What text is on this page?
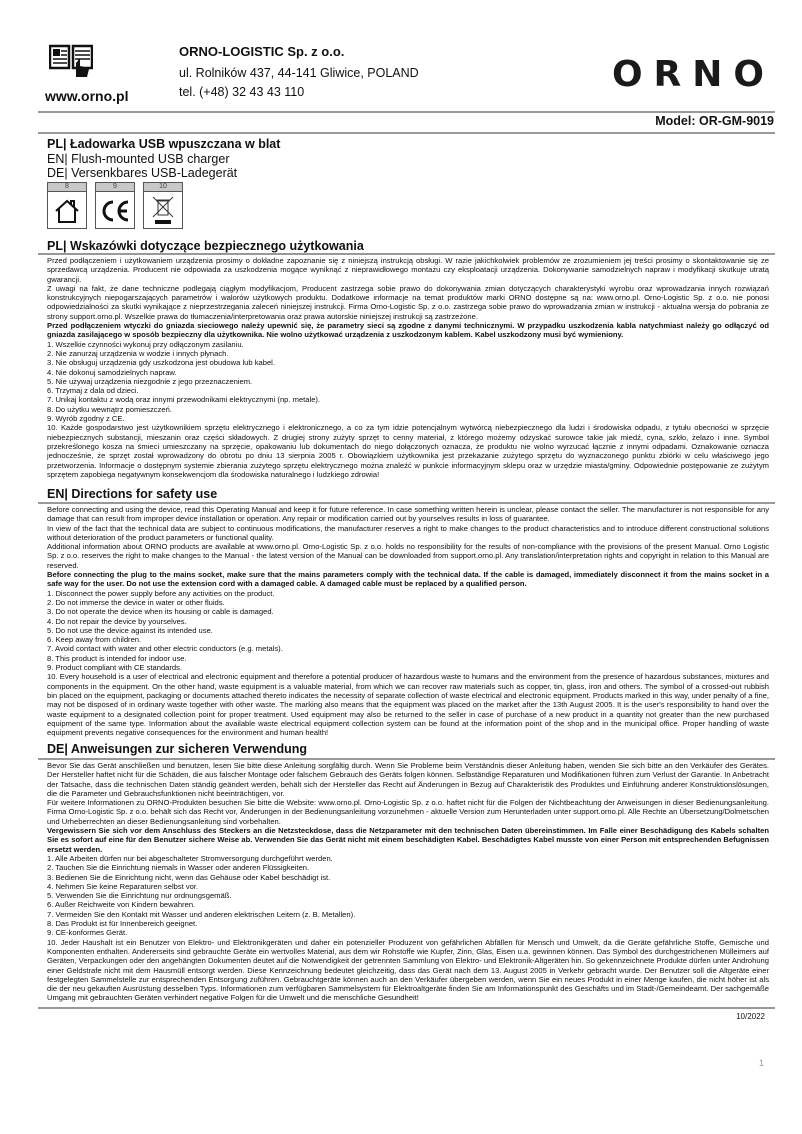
www.orno.pl
ORNO-LOGISTIC Sp. z o.o.
ul. Rolników 437, 44-141 Gliwice, POLAND
tel. (+48) 32 43 43 110	ORNO
Model: OR-GM-9019
PL| Ładowarka USB wpuszczana w blat
EN| Flush-mounted USB charger
DE| Versenkbares USB-Ladegerät
8	9	10
PL| Wskazówki dotyczące bezpiecznego użytkowania

Przed podłączeniem i użytkowaniem urządzenia prosimy o dokładne zapoznanie się z niniejszą instrukcją obsługi. W razie jakichkolwiek problemów ze zrozumieniem jej treści prosimy o skontaktowanie się ze sprzedawcą urządzenia. Producent nie odpowiada za uszkodzenia mogące wyniknąć z nieprawidłowego montażu czy eksploatacji urządzenia. Dokonywanie samodzielnych napraw i modyfikacji skutkuje utratą gwarancji.

Z uwagi na fakt, że dane techniczne podlegają ciągłym modyfikacjom, Producent zastrzega sobie prawo do dokonywania zmian dotyczących charakterystyki wyrobu oraz wprowadzania innych rozwiązań konstrukcyjnych niepogarszających parametrów i walorów użytkowych produktu. Dodatkowe informacje na temat produktów marki ORNO dostępne są na: www.orno.pl. Orno-Logistic Sp. z o.o. nie ponosi odpowiedzialności za skutki wynikające z nieprzestrzegania zaleceń niniejszej instrukcji. Firma Orno-Logistic Sp. z o.o. zastrzega sobie prawo do wprowadzania zmian w instrukcji - aktualna wersja do pobrania ze strony support.orno.pl. Wszelkie prawa do tłumaczenia/interpretowania oraz prawa autorskie niniejszej instrukcji są zastrzeżone.

Przed podłączeniem wtyczki do gniazda sieciowego należy upewnić się, że parametry sieci są zgodne z danymi technicznymi. W przypadku uszkodzenia kabla natychmiast należy go odłączyć od gniazda zasilającego w sposób bezpieczny dla użytkownika. Nie wolno użytkować urządzenia z uszkodzonym kablem. Kabel uszkodzony musi być wymieniony.

1. Wszelkie czynności wykonuj przy odłączonym zasilaniu.

2. Nie zanurzaj urządzenia w wodzie i innych płynach.

3. Nie obsługuj urządzenia gdy uszkodzona jest obudowa lub kabel.

4. Nie dokonuj samodzielnych napraw.

5. Nie używaj urządzenia niezgodnie z jego przeznaczeniem.

6. Trzymaj z dala od dzieci.

7. Unikaj kontaktu z wodą oraz innymi przewodnikami elektrycznymi (np. metale).

8. Do użytku wewnątrz pomieszczeń.

9. Wyrób zgodny z CE.

10. Każde gospodarstwo jest użytkownikiem sprzętu elektrycznego i elektronicznego, a co za tym idzie potencjalnym wytwórcą niebezpiecznego dla ludzi i środowiska odpadu, z tytułu obecności w sprzęcie niebezpiecznych substancji, mieszanin oraz części składowych. Z drugiej strony zużyty sprzęt to cenny materiał, z którego możemy odzyskać surowce takie jak miedź, cyna, szkło, żelazo i inne. Symbol przekreślonego kosza na śmieci umieszczany na sprzęcie, opakowaniu lub dokumentach do niego dołączonych oznacza, że produktu nie wolno wyrzucać łącznie z innymi odpadami. Oznakowanie oznacza jednocześnie, że sprzęt został wprowadzony do obrotu po dniu 13 sierpnia 2005 r. Obowiązkiem użytkownika jest przekazanie zużytego sprzętu do wyznaczonego punktu zbiórki w celu właściwego jego przetworzenia. Informacje o dostępnym systemie zbierania zużytego sprzętu elektrycznego można znaleźć w punkcie informacyjnym sklepu oraz w urzędzie miasta/gminy. Odpowiednie postępowanie ze zużytym sprzętem zapobiega negatywnym konsekwencjom dla środowiska naturalnego i ludzkiego zdrowia!

EN| Directions for safety use

Before connecting and using the device, read this Operating Manual and keep it for future reference. In case something written herein is unclear, please contact the seller. The manufacturer is not responsible for any damage that can result from improper device installation or operation. Any repair or modification carried out by yourselves results in loss of guarantee.

In view of the fact that the technical data are subject to continuous modifications, the manufacturer reserves a right to make changes to the product characteristics and to introduce different constructional solutions without deterioration of the product parameters or functional quality.

Additional information about ORNO products are available at www.orno.pl. Orno-Logistic Sp. z o.o. holds no responsibility for the results of non-compliance with the provisions of the present Manual. Orno Logistic Sp. z o.o. reserves the right to make changes to the Manual - the latest version of the Manual can be downloaded from support.orno.pl. Any translation/interpretation rights and copyright in relation to this Manual are reserved.

Before connecting the plug to the mains socket, make sure that the mains parameters comply with the technical data. If the cable is damaged, immediately disconnect it from the mains socket in a safe way for the user. Do not use the extension cord with a damaged cable. A damaged cable must be replaced by a qualified person.

1. Disconnect the power supply before any activities on the product.

2. Do not immerse the device in water or other fluids.

3. Do not operate the device when its housing or cable is damaged.

4. Do not repair the device by yourselves.

5. Do not use the device against its intended use.

6. Keep away from children.

7. Avoid contact with water and other electric conductors (e.g. metals).

8. This product is intended for indoor use.

9. Product compliant with CE standards.

10. Every household is a user of electrical and electronic equipment and therefore a potential producer of hazardous waste to humans and the environment from the presence of hazardous substances, mixtures and components in the equipment. On the other hand, waste equipment is a valuable material, from which we can recover raw materials such as copper, tin, glass, iron and others. The symbol of a crossed-out rubbish bin placed on the equipment, packaging or documents attached thereto indicates the necessity of separate collection of waste electrical and electronic equipment. Products marked in this way, under penalty of a fine, may not be disposed of in ordinary waste together with other waste. The marking also means that the equipment was placed on the market after the 13th August 2005. It is the user's responsibility to hand over the waste equipment to a designated collection point for proper treatment. Used equipment may also be returned to the seller in case of purchase of a new product in a quantity not greater than the new purchased equipment of the same type. Information about the available waste electrical equipment collection system can be found at the information point of the shop and in the municipal office. Proper handling of waste equipment prevents negative consequences for the environment and human health!

DE| Anweisungen zur sicheren Verwendung

Bevor Sie das Gerät anschließen und benutzen, lesen Sie bitte diese Anleitung sorgfältig durch. Wenn Sie Probleme beim Verständnis dieser Anleitung haben, wenden Sie sich bitte an den Verkäufer des Gerätes. Der Hersteller haftet nicht für die Schäden, die aus falscher Montage oder falschem Gebrauch des Geräts folgen können. Selbständige Reparaturen und Modifikationen führen zum Verlust der Garantie. In Anbetracht der Tatsache, dass die technischen Daten ständig geändert werden, behält sich der Hersteller das Recht auf Änderungen in Bezug auf Charakteristik des Produktes und Einführung anderer Konstruktionslösungen, die die Parameter und Gebrauchsfunktionen nicht beeinträchtigen, vor.

Für weitere Informationen zu ORNO-Produkten besuchen Sie bitte die Website: www.orno.pl. Orno-Logistic Sp. z o.o. haftet nicht für die Folgen der Nichtbeachtung der Anweisungen in dieser Bedienungsanleitung. Firma Orno-Logistic Sp. z o.o. behält sich das Recht vor, Änderungen in der Bedienungsanleitung vorzunehmen - aktuelle Version zum Herunterladen unter support.orno.pl. Alle Rechte an Übersetzung/Dolmetschen und Urheberrechten an dieser Bedienungsanleitung sind vorbehalten.

Vergewissern Sie sich vor dem Anschluss des Steckers an die Netzsteckdose, dass die Netzparameter mit den technischen Daten übereinstimmen. Im Falle einer Beschädigung des Kabels schalten Sie es sofort auf eine für den Benutzer sichere Weise ab. Verwenden Sie das Gerät nicht mit einem beschädigten Kabel. Beschädigtes Kabel musste von einer Person mit entsprechenden Befugnissen ersetzt werden.

1. Alle Arbeiten dürfen nur bei abgeschalteter Stromversorgung durchgeführt werden.

2. Tauchen Sie die Einrichtung niemals in Wasser oder anderen Flüssigkeiten.

3. Bedienen Sie die Einrichtung nicht, wenn das Gehäuse oder Kabel beschädigt ist.

4. Nehmen Sie keine Reparaturen selbst vor.

5. Verwenden Sie die Einrichtung nur ordnungsgemäß.

6. Außer Reichweite von Kindern bewahren.

7. Vermeiden Sie den Kontakt mit Wasser und anderen elektrischen Leitern (z. B. Metallen).

8. Das Produkt ist für Innenbereich geeignet.

9. CE-konformes Gerät.

10. Jeder Haushalt ist ein Benutzer von Elektro- und Elektronikgeräten und daher ein potenzieller Produzent von gefährlichen Abfällen für Mensch und Umwelt, da die Geräte gefährliche Stoffe, Gemische und Komponenten enthalten. Andererseits sind gebrauchte Geräte ein wertvolles Material, aus dem wir Rohstoffe wie Kupfer, Zinn, Glas, Eisen u.a. gewinnen können. Das Symbol des durchgestrichenen Mülleimers auf Geräten, Verpackungen oder den angehängten Dokumenten deutet auf die Notwendigkeit der getrennten Sammlung von Elektro- und Elektronik-Altgeräten hin. So gekennzeichnete Produkte dürfen unter Androhung einer Geldstrafe nicht mit dem Hausmüll entsorgt werden. Diese Kennzeichnung bedeutet gleichzeitig, dass das Gerät nach dem 13. August 2005 in Verkehr gebracht wurde. Der Benutzer soll die Altgeräte einer festgelegten Sammelstelle zur entsprechenden Entsorgung zuführen. Gebrauchtgeräte können auch an den Verkäufer übergeben werden, wenn Sie ein neues Produkt in einer Menge kaufen, die nicht höher ist als die der neu gekauften Ausrüstung desselben Typs. Informationen zum verfügbaren Sammelsystem für Elektroaltgeräte finden Sie am Informationspunkt des Geschäfts und im Stadt-/Gemeindeamt. Der sachgemäße Umgang mit gebrauchten Geräten verhindert negative Folgen für die Umwelt und die menschliche Gesundheit!

10/2022
1
